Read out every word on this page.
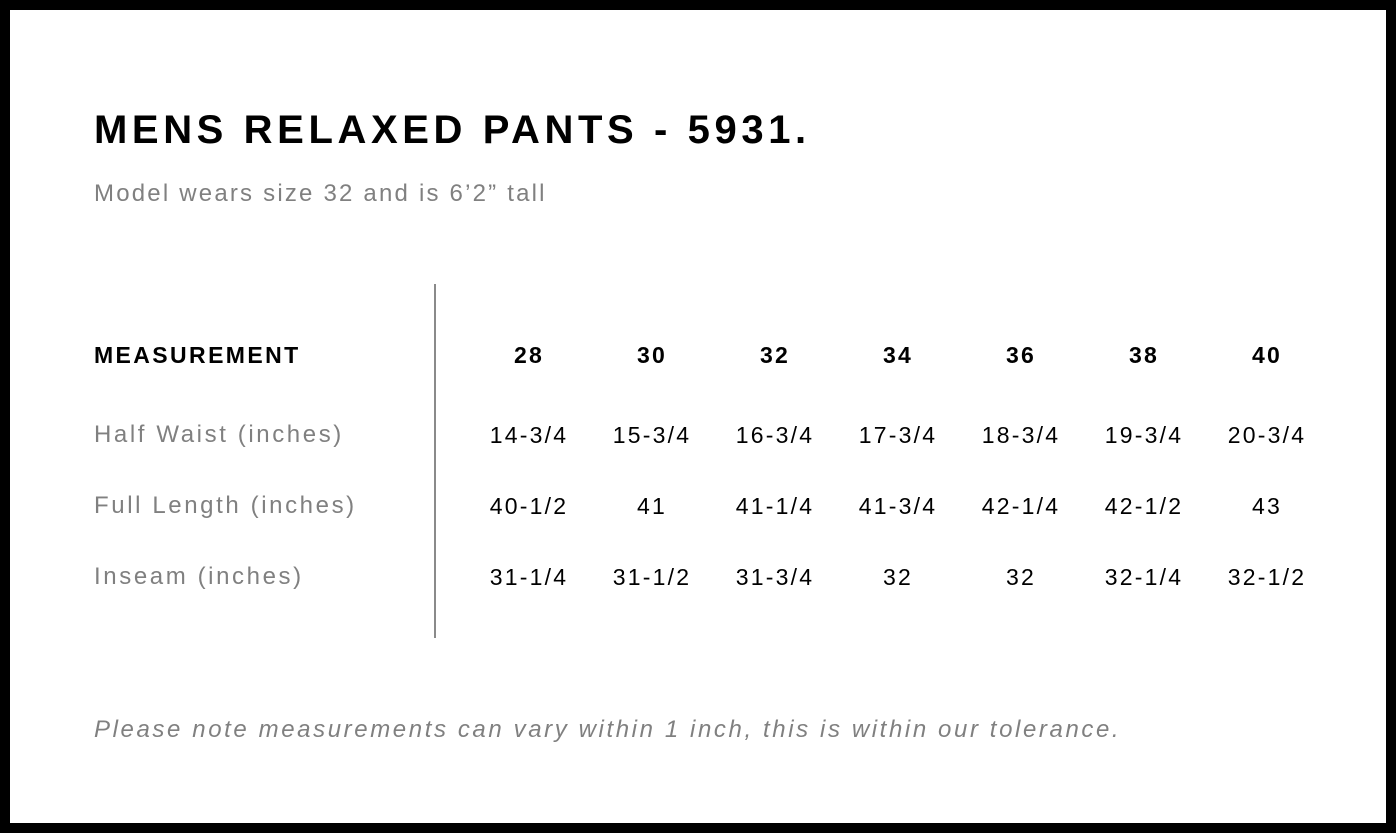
MENS RELAXED PANTS - 5931.
Model wears size 32 and is 6’2” tall
MEASUREMENT	28	30	32	34	36	38	40
Half Waist (inches)	14-3/4	15-3/4	16-3/4	17-3/4	18-3/4	19-3/4	20-3/4
Full Length (inches)	40-1/2	41	41-1/4	41-3/4	42-1/4	42-1/2	43
Inseam (inches)	31-1/4	31-1/2	31-3/4	32	32	32-1/4	32-1/2
Please note measurements can vary within 1 inch, this is within our tolerance.
